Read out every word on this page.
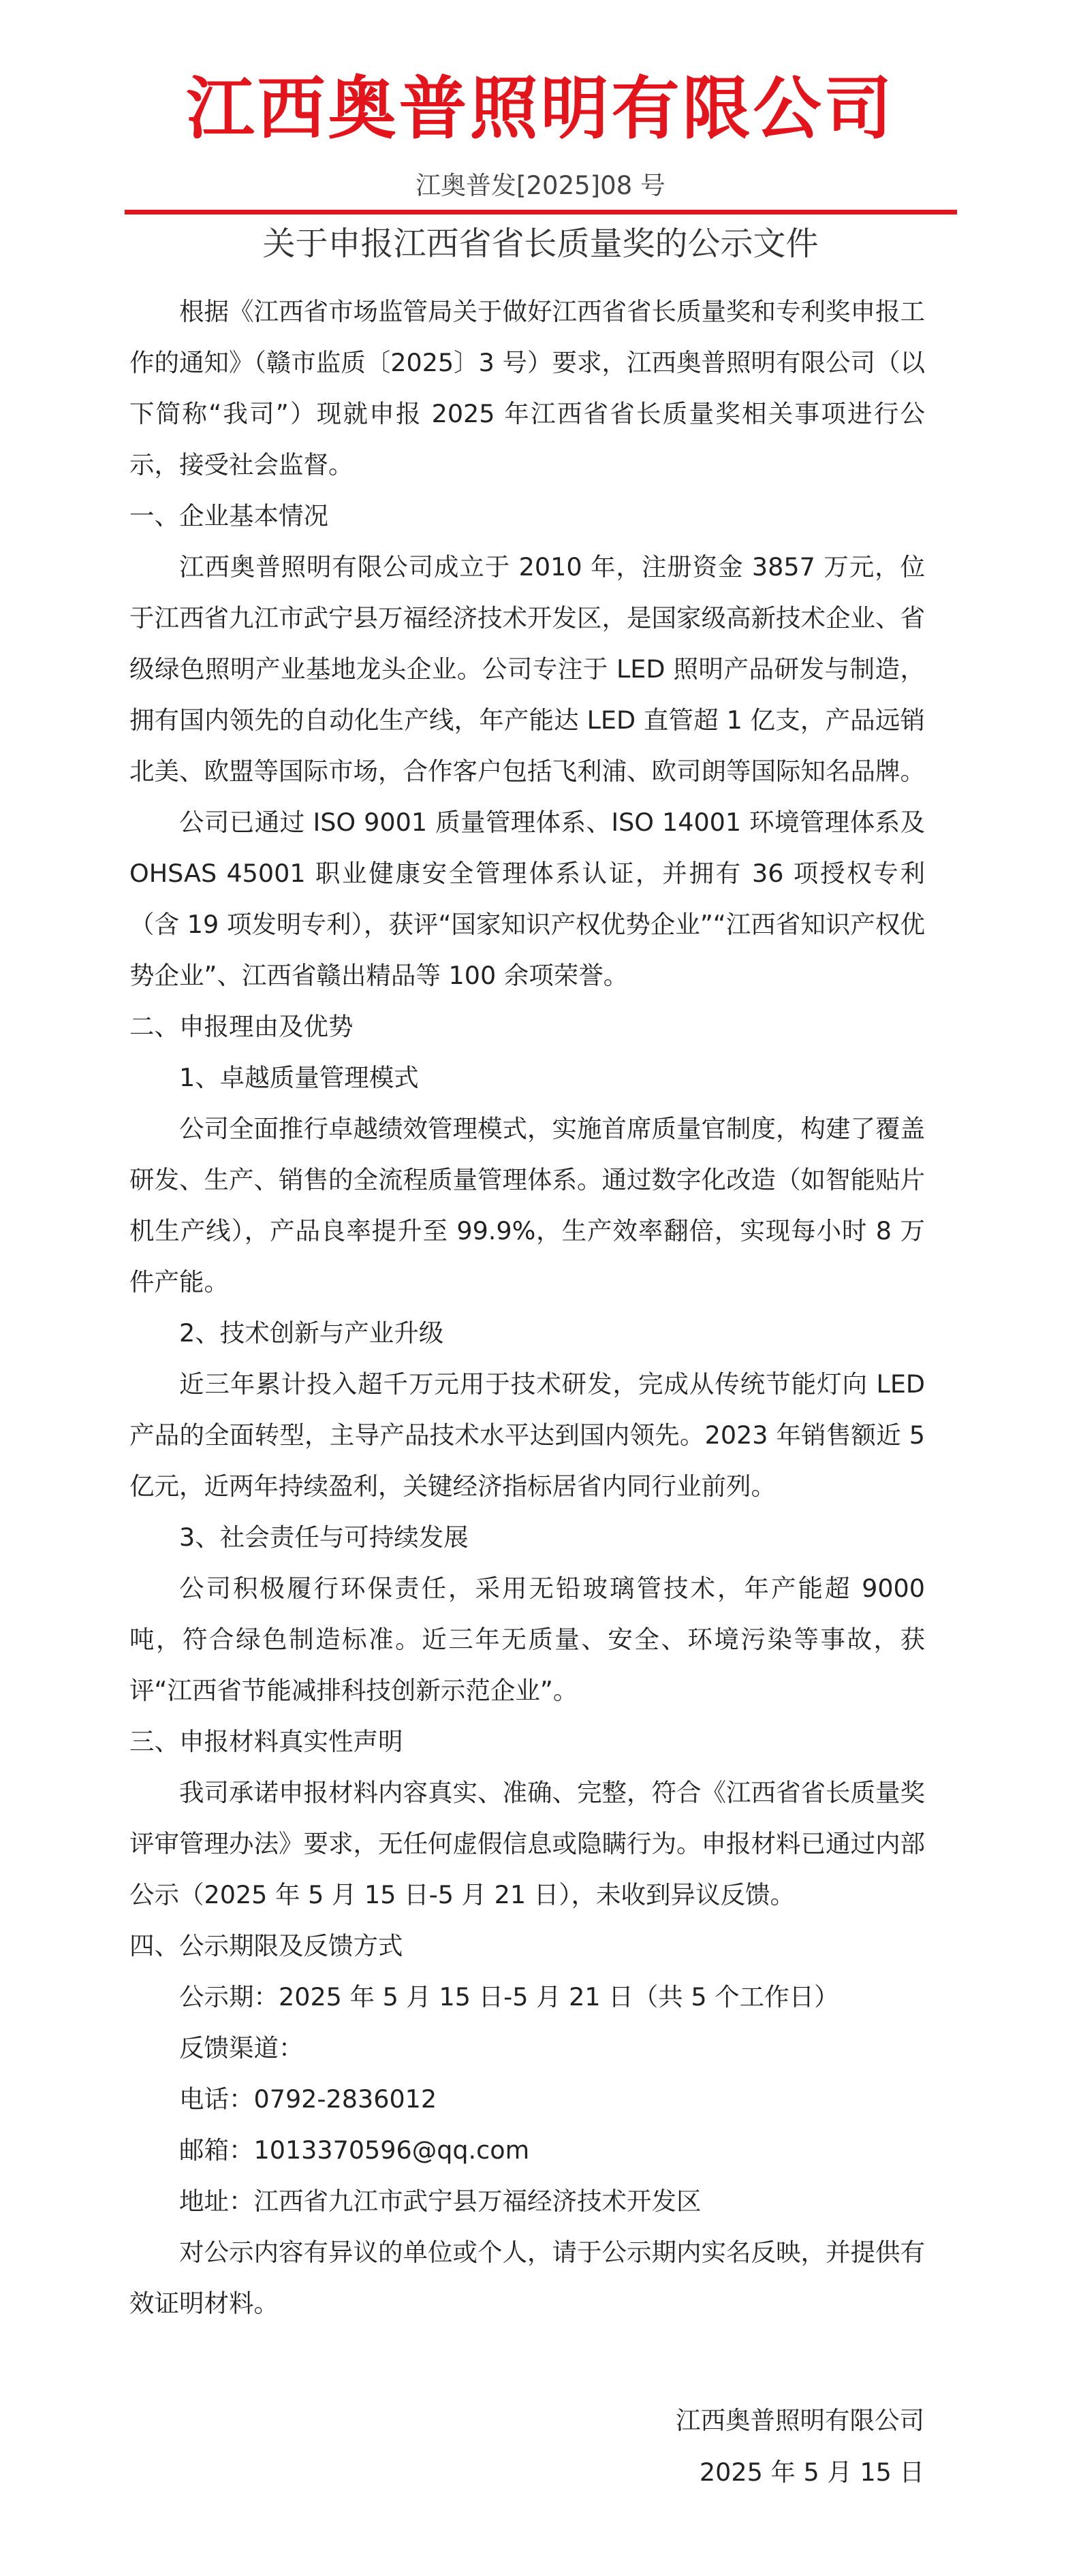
江西奥普照明有限公司
江奥普发[2025]08 号
关于申报江西省省长质量奖的公示文件

根据《江西省市场监管局关于做好江西省省长质量奖和专利奖申报工作的通知》（赣市监质〔2025〕3 号）要求，江西奥普照明有限公司（以下简称“我司”）现就申报 2025 年江西省省长质量奖相关事项进行公示，接受社会监督。

一、企业基本情况

江西奥普照明有限公司成立于 2010 年，注册资金 3857 万元，位于江西省九江市武宁县万福经济技术开发区，是国家级高新技术企业、省级绿色照明产业基地龙头企业。公司专注于 LED 照明产品研发与制造，拥有国内领先的自动化生产线，年产能达 LED 直管超 1 亿支，产品远销北美、欧盟等国际市场，合作客户包括飞利浦、欧司朗等国际知名品牌。

公司已通过 ISO 9001 质量管理体系、ISO 14001 环境管理体系及 OHSAS 45001 职业健康安全管理体系认证，并拥有 36 项授权专利（含 19 项发明专利），获评“国家知识产权优势企业”“江西省知识产权优势企业”、江西省赣出精品等 100 余项荣誉。

二、申报理由及优势

1、卓越质量管理模式

公司全面推行卓越绩效管理模式，实施首席质量官制度，构建了覆盖研发、生产、销售的全流程质量管理体系。通过数字化改造（如智能贴片机生产线），产品良率提升至 99.9%，生产效率翻倍，实现每小时 8 万件产能。

2、技术创新与产业升级

近三年累计投入超千万元用于技术研发，完成从传统节能灯向 LED 产品的全面转型，主导产品技术水平达到国内领先。2023 年销售额近 5 亿元，近两年持续盈利，关键经济指标居省内同行业前列。

3、社会责任与可持续发展

公司积极履行环保责任，采用无铅玻璃管技术，年产能超 9000 吨，符合绿色制造标准。近三年无质量、安全、环境污染等事故，获评“江西省节能减排科技创新示范企业”。

三、申报材料真实性声明

我司承诺申报材料内容真实、准确、完整，符合《江西省省长质量奖评审管理办法》要求，无任何虚假信息或隐瞒行为。申报材料已通过内部公示（2025 年 5 月 15 日-5 月 21 日），未收到异议反馈。

四、公示期限及反馈方式

公示期：2025 年 5 月 15 日-5 月 21 日（共 5 个工作日）

反馈渠道：

电话：0792-2836012

邮箱：1013370596@qq.com

地址：江西省九江市武宁县万福经济技术开发区

对公示内容有异议的单位或个人，请于公示期内实名反映，并提供有效证明材料。

江西奥普照明有限公司
2025 年 5 月 15 日
